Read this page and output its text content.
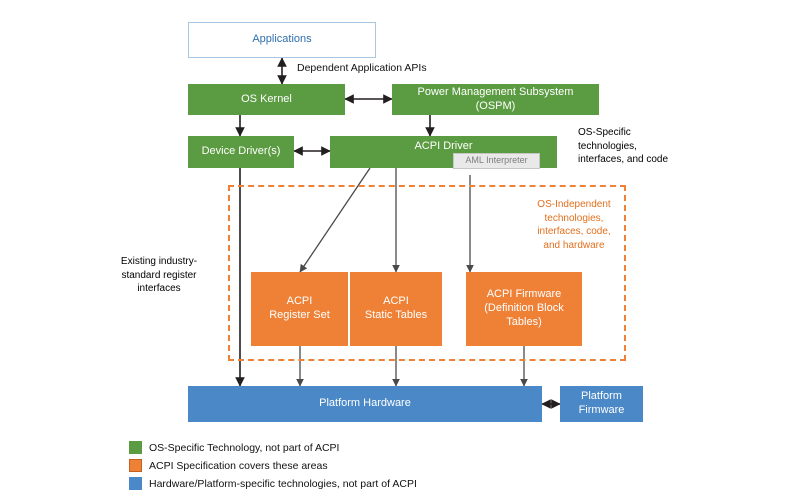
Applications
OS Kernel
Power Management Subsystem (OSPM)
Device Driver(s)	ACPI Driver
AML Interpreter
ACPI
Register Set
ACPI
Static Tables
ACPI Firmware
(Definition Block
Tables)
Platform Hardware
Platform
Firmware
Dependent Application APIs
OS-Specific
technologies,
interfaces, and code
OS-Independent
technologies,
interfaces, code,
and hardware
Existing industry-
standard register
interfaces
OS-Specific Technology, not part of ACPI
ACPI Specification covers these areas
Hardware/Platform-specific technologies, not part of ACPI
